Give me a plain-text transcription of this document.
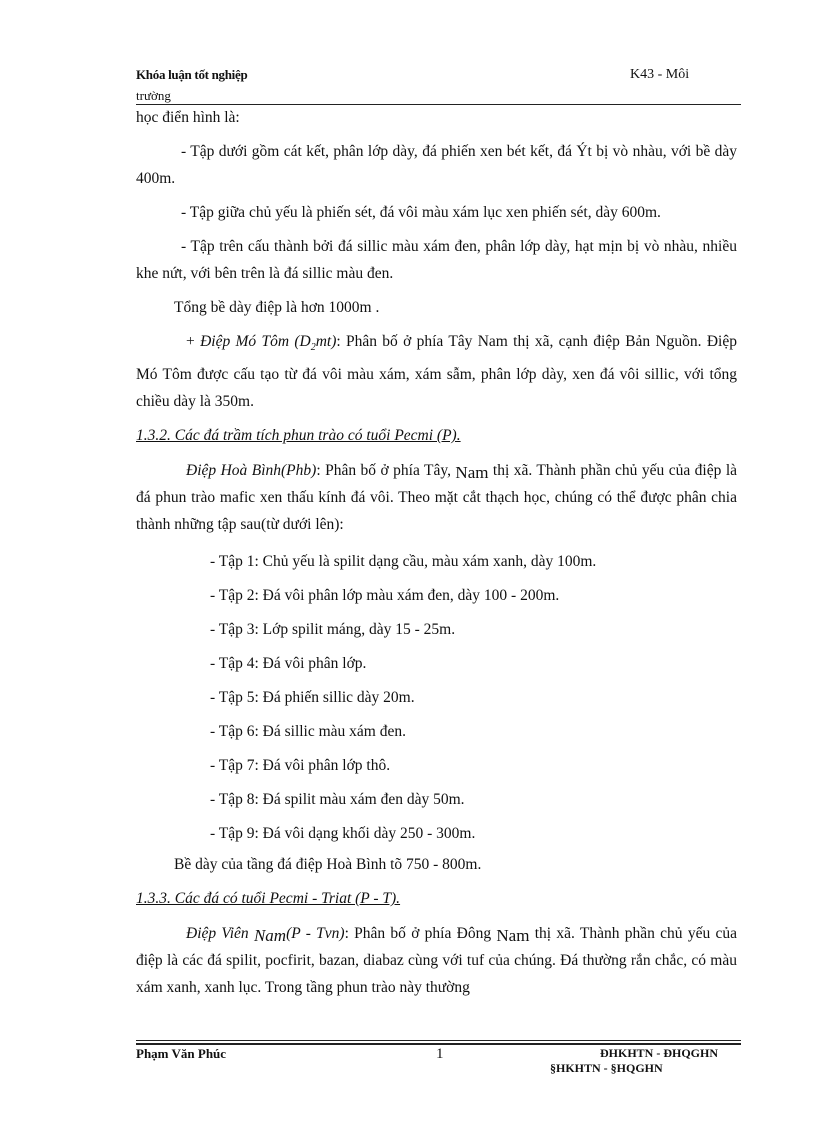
Khóa luận tốt nghiệp
trường
K43 - Môi

học điển hình là:

- Tập dưới gồm cát kết, phân lớp dày, đá phiến xen bét kết, đá Ýt bị vò nhàu, với bề dày 400m.

- Tập giữa chủ yếu là phiến sét, đá vôi màu xám lục xen phiến sét, dày 600m.

- Tập trên cấu thành bởi đá sillic màu xám đen, phân lớp dày, hạt mịn bị vò nhàu, nhiều khe nứt, với bên trên là đá sillic màu đen.

Tổng bề dày điệp là hơn 1000m .

+ Điệp Mó Tôm $(D_2mt)$: Phân bố ở phía Tây Nam thị xã, cạnh điệp Bản Nguồn. Điệp Mó Tôm được cấu tạo từ đá vôi màu xám, xám sẫm, phân lớp dày, xen đá vôi sillic, với tổng chiều dày là 350m.

1.3.2. Các đá trầm tích phun trào có tuổi Pecmi (P).

Điệp Hoà Bình(Phb): Phân bố ở phía Tây, Nam thị xã. Thành phần chủ yếu của điệp là đá phun trào mafic xen thấu kính đá vôi. Theo mặt cắt thạch học, chúng có thể được phân chia thành những tập sau(từ dưới lên):

- Tập 1: Chủ yếu là spilit dạng cầu, màu xám xanh, dày 100m.
- Tập 2: Đá vôi phân lớp màu xám đen, dày 100 - 200m.
- Tập 3: Lớp spilit máng, dày 15 - 25m.
- Tập 4: Đá vôi phân lớp.
- Tập 5: Đá phiến sillic dày 20m.
- Tập 6: Đá sillic màu xám đen.
- Tập 7: Đá vôi phân lớp thô.
- Tập 8: Đá spilit màu xám đen dày 50m.
- Tập 9: Đá vôi dạng khối dày 250 - 300m.

Bề dày của tầng đá điệp Hoà Bình tõ 750 - 800m.

1.3.3. Các đá có tuổi Pecmi - Triat (P - T).

Điệp Viên Nam(P - Tvn): Phân bố ở phía Đông Nam thị xã. Thành phần chủ yếu của điệp là các đá spilit, pocfirit, bazan, diabaz cùng với tuf của chúng. Đá thường rắn chắc, có màu xám xanh, xanh lục. Trong tầng phun trào này thường

Phạm Văn Phúc	1	ĐHKHTN - ĐHQGHN
§HKHTN - §HQGHN
